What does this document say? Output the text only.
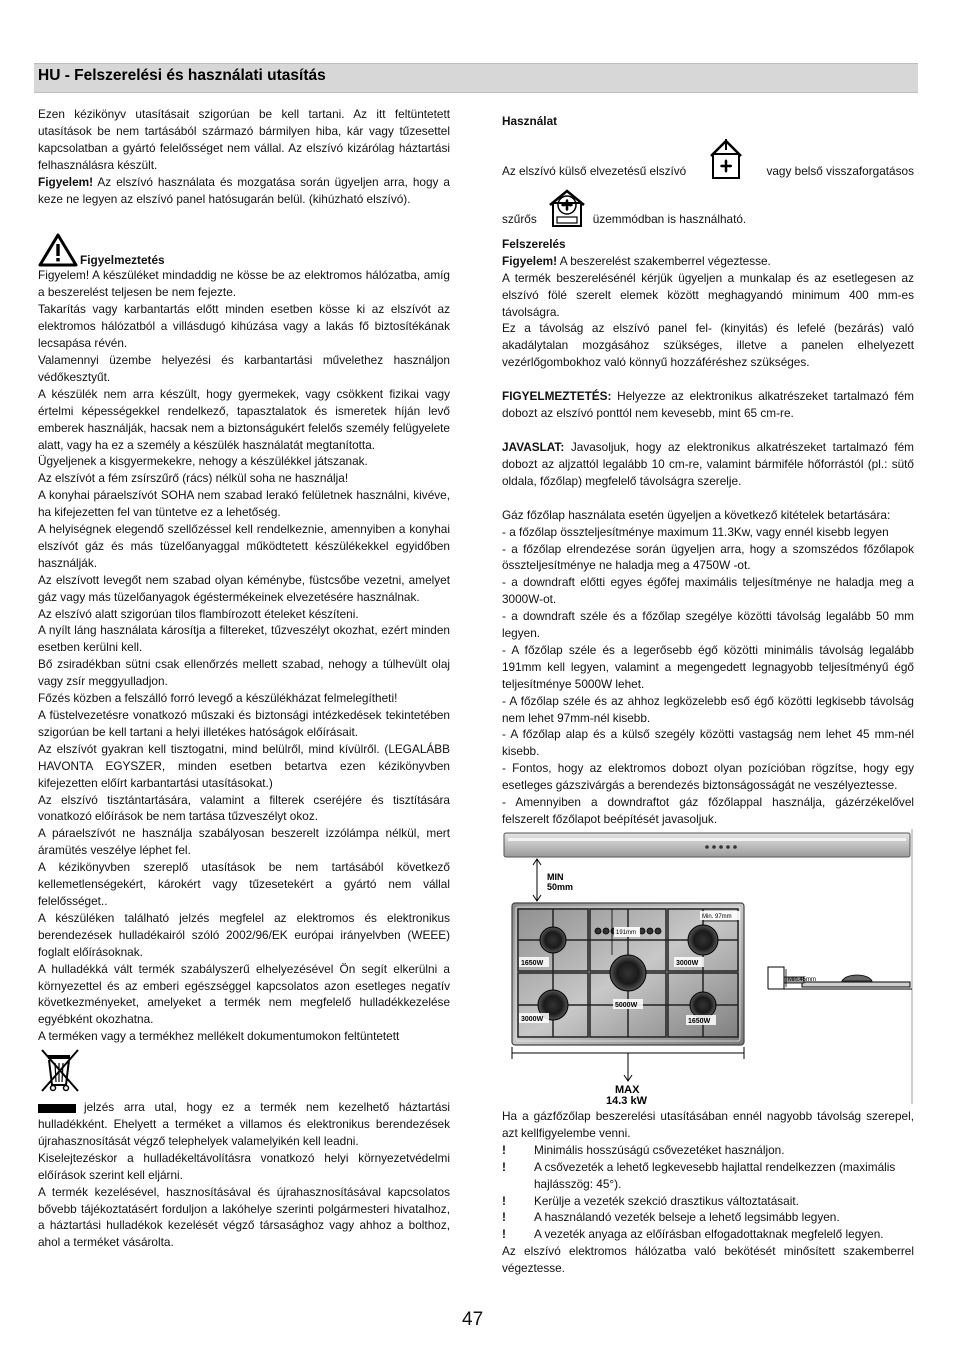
HU - Felszerelési és használati utasítás

Ezen kézikönyv utasításait szigorúan be kell tartani. Az itt feltüntetett utasítások be nem tartásából származó bármilyen hiba, kár vagy tűzesettel kapcsolatban a gyártó felelősséget nem vállal. Az elszívó kizárólag háztartási felhasználásra készült.

Figyelem! Az elszívó használata és mozgatása során ügyeljen arra, hogy a keze ne legyen az elszívó panel hatósugarán belül. (kihúzható elszívó).

Figyelmeztetés

Figyelem! A készüléket mindaddig ne kösse be az elektromos hálózatba, amíg a beszerelést teljesen be nem fejezte.

Takarítás vagy karbantartás előtt minden esetben kösse ki az elszívót az elektromos hálózatból a villásdugó kihúzása vagy a lakás fő biztosítékának lecsapása révén.

Valamennyi üzembe helyezési és karbantartási művelethez használjon védőkesztyűt.

A készülék nem arra készült, hogy gyermekek, vagy csökkent fizikai vagy értelmi képességekkel rendelkező, tapasztalatok és ismeretek híján levő emberek használják, hacsak nem a biztonságukért felelős személy felügyelete alatt, vagy ha ez a személy a készülék használatát megtanította.

Ügyeljenek a kisgyermekekre, nehogy a készülékkel játszanak.

Az elszívót a fém zsírszűrő (rács) nélkül soha ne használja!

A konyhai páraelszívót SOHA nem szabad lerakó felületnek használni, kivéve, ha kifejezetten fel van tüntetve ez a lehetőség.

A helyiségnek elegendő szellőzéssel kell rendelkeznie, amennyiben a konyhai elszívót gáz és más tüzelőanyaggal működtetett készülékekkel egyidőben használják.

Az elszívott levegőt nem szabad olyan kéménybe, füstcsőbe vezetni, amelyet gáz vagy más tüzelőanyagok égéstermékeinek elvezetésére használnak.

Az elszívó alatt szigorúan tilos flambírozott ételeket készíteni.

A nyílt láng használata károsítja a filtereket, tűzveszélyt okozhat, ezért minden esetben kerülni kell.

Bő zsiradékban sütni csak ellenőrzés mellett szabad, nehogy a túlhevült olaj vagy zsír meggyulladjon.

Főzés közben a felszálló forró levegő a készülékházat felmelegítheti!

A füstelvezetésre vonatkozó műszaki és biztonsági intézkedések tekintetében szigorúan be kell tartani a helyi illetékes hatóságok előírásait.

Az elszívót gyakran kell tisztogatni, mind belülről, mind kívülről. (LEGALÁBB HAVONTA EGYSZER, minden esetben betartva ezen kézikönyvben kifejezetten előírt karbantartási utasításokat.)

Az elszívó tisztántartására, valamint a filterek cseréjére és tisztítására vonatkozó előírások be nem tartása tűzveszélyt okoz.

A páraelszívót ne használja szabályosan beszerelt izzólámpa nélkül, mert áramütés veszélye léphet fel.

A kézikönyvben szereplő utasítások be nem tartásából következő kellemetlenségekért, károkért vagy tűzesetekért a gyártó nem vállal felelősséget..

A készüléken található jelzés megfelel az elektromos és elektronikus berendezések hulladékairól szóló 2002/96/EK európai irányelvben (WEEE) foglalt előírásoknak.

A hulladékká vált termék szabályszerű elhelyezésével Ön segít elkerülni a környezettel és az emberi egészséggel kapcsolatos azon esetleges negatív következményeket, amelyeket a termék nem megfelelő hulladékkezelése egyébként okozhatna.

A terméken vagy a termékhez mellékelt dokumentumokon feltüntetett

jelzés arra utal, hogy ez a termék nem kezelhető háztartási hulladékként. Ehelyett a terméket a villamos és elektronikus berendezések újrahasznosítását végző telephelyek valamelyikén kell leadni.

Kiselejtezéskor a hulladékeltávolításra vonatkozó helyi környezetvédelmi előírások szerint kell eljárni.

A termék kezelésével, hasznosításával és újrahasznosításával kapcsolatos bővebb tájékoztatásért forduljon a lakóhelye szerinti polgármesteri hivatalhoz, a háztartási hulladékok kezelését végző társasághoz vagy ahhoz a bolthoz, ahol a terméket vásárolta.

Használat

Az elszívó külső elvezetésű elszívó	vagy belső visszaforgatásos

szűrős	üzemmódban is használható.

Felszerelés

Figyelem! A beszerelést szakemberrel végeztesse.

A termék beszerelésénél kérjük ügyeljen a munkalap és az esetlegesen az elszívó fölé szerelt elemek között meghagyandó minimum 400 mm-es távolságra.

Ez a távolság az elszívó panel fel- (kinyitás) és lefelé (bezárás) való akadálytalan mozgásához szükséges, illetve a panelen elhelyezett vezérlőgombokhoz való könnyű hozzáféréshez szükséges.

FIGYELMEZTETÉS: Helyezze az elektronikus alkatrészeket tartalmazó fém dobozt az elszívó ponttól nem kevesebb, mint 65 cm-re.

JAVASLAT: Javasoljuk, hogy az elektronikus alkatrészeket tartalmazó fém dobozt az aljzattól legalább 10 cm-re, valamint bármiféle hőforrástól (pl.: sütő oldala, főzőlap) megfelelő távolságra szerelje.

Gáz főzőlap használata esetén ügyeljen a következő kitételek betartására:

- a főzőlap összteljesítménye maximum 11.3Kw, vagy ennél kisebb legyen

- a főzőlap elrendezése során ügyeljen arra, hogy a szomszédos főzőlapok összteljesítménye ne haladja meg a 4750W -ot.

- a downdraft előtti egyes égőfej maximális teljesítménye ne haladja meg a 3000W-ot.

- a downdraft széle és a főzőlap szegélye közötti távolság legalább 50 mm legyen.

- A főzőlap széle és a legerősebb égő közötti minimális távolság legalább 191mm kell legyen, valamint a megengedett legnagyobb teljesítményű égő teljesítménye 5000W lehet.

- A főzőlap széle és az ahhoz legközelebb eső égő közötti legkisebb távolság nem lehet 97mm-nél kisebb.

- A főzőlap alap és a külső szegély közötti vastagság nem lehet 45 mm-nél kisebb.

- Fontos, hogy az elektromos dobozt olyan pozícióban rögzítse, hogy egy esetleges gázszivárgás a berendezés biztonságosságát ne veszélyeztesse.

- Amennyiben a downdraftot gáz főzőlappal használja, gázérzékelővel felszerelt főzőlapot beépítését javasoljuk.

MIN
50mm
1650W	3000W
5000W
3000W	1650W
191mm
Min. 97mm
MAX
14,3 kW
Min.45mm

Ha a gázfőzőlap beszerelési utasításában ennél nagyobb távolság szerepel, azt kellfigyelembe venni.

!	Minimális hosszúságú csővezetéket használjon.
!	A csővezeték a lehető legkevesebb hajlattal rendelkezzen (maximális hajlásszög: 45°).
!	Kerülje a vezeték szekció drasztikus változtatásait.
!	A használandó vezeték belseje a lehető legsimább legyen.
!	A vezeték anyaga az előírásban elfogadottaknak megfelelő legyen.

Az elszívó elektromos hálózatba való bekötését minősített szakemberrel végeztesse.

47
